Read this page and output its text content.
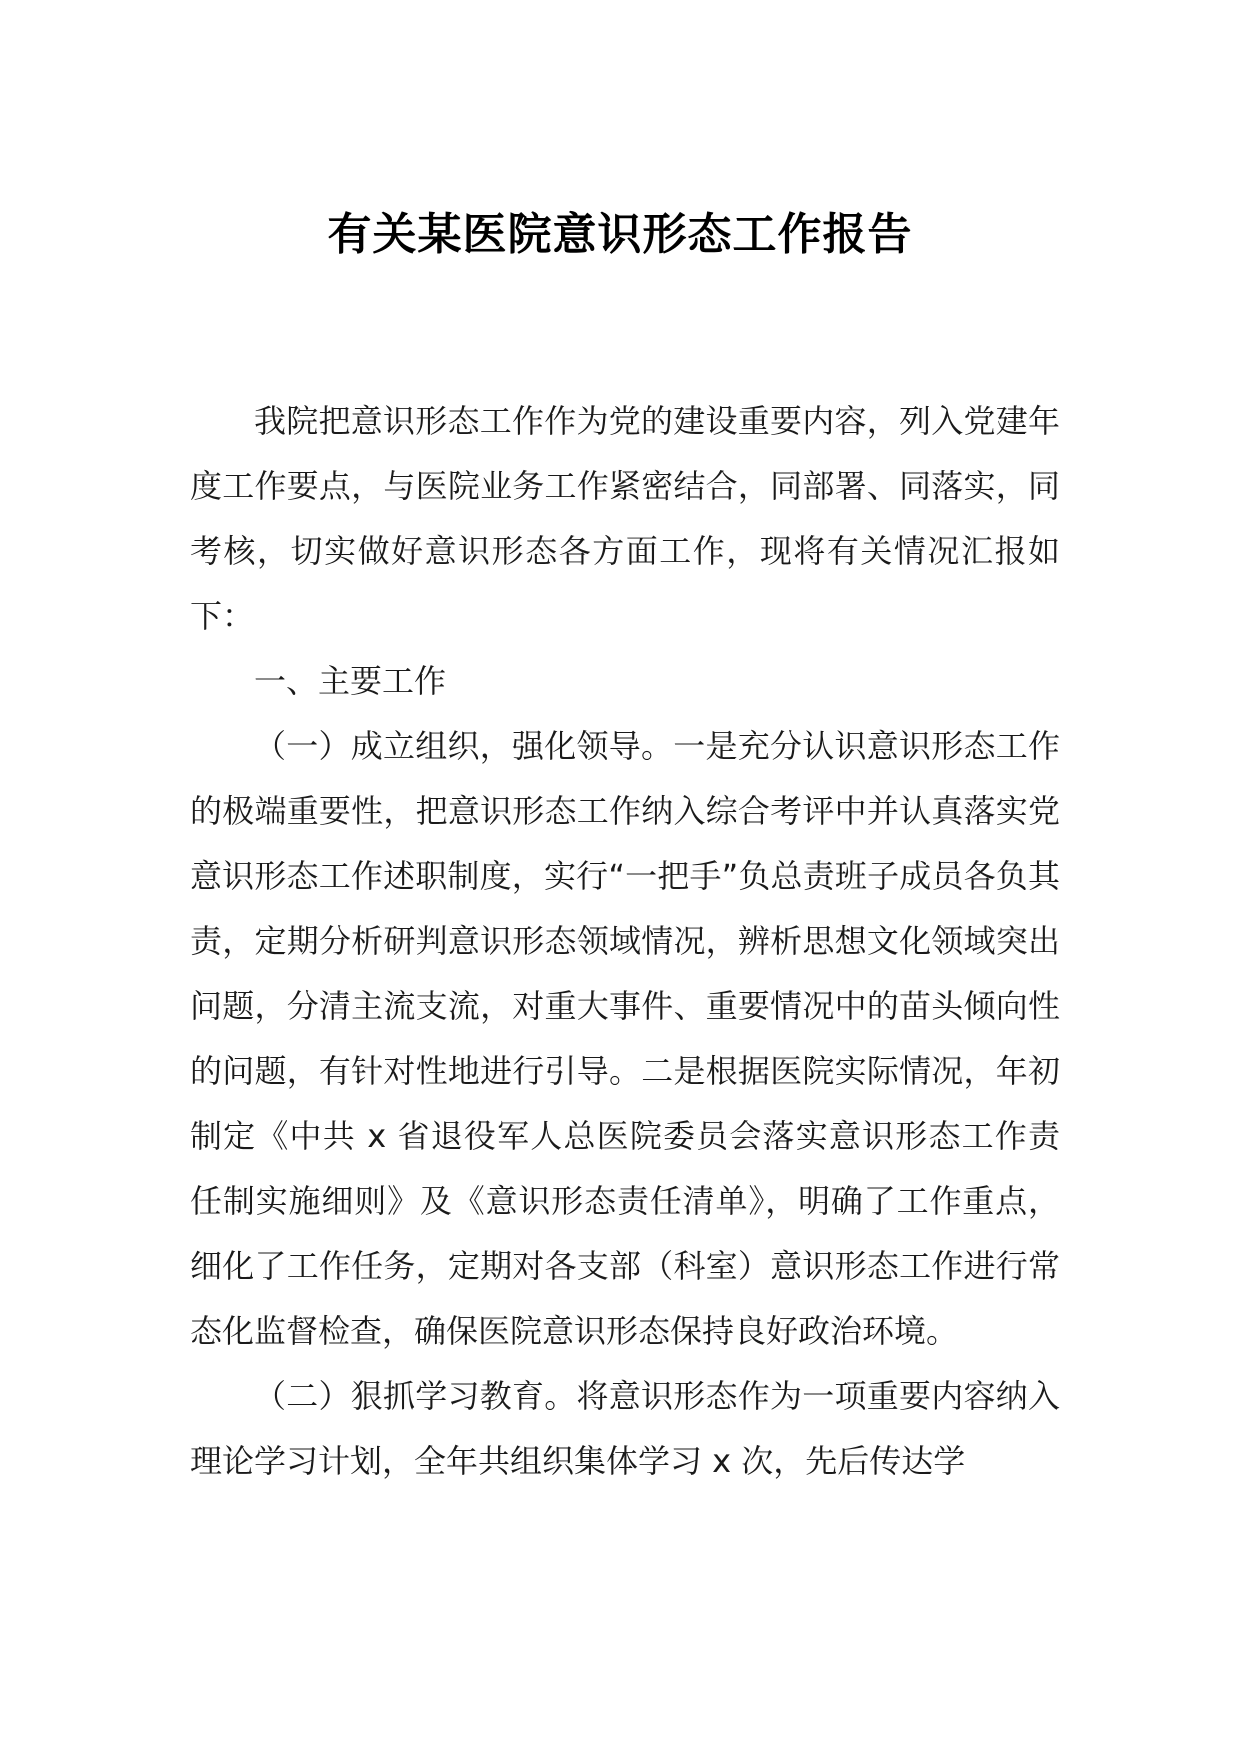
有关某医院意识形态工作报告

我院把意识形态工作作为党的建设重要内容，列入党建年度工作要点，与医院业务工作紧密结合，同部署、同落实，同考核，切实做好意识形态各方面工作，现将有关情况汇报如下：

一、主要工作

（一）成立组织，强化领导。一是充分认识意识形态工作的极端重要性，把意识形态工作纳入综合考评中并认真落实党意识形态工作述职制度，实行“一把手”负总责班子成员各负其责，定期分析研判意识形态领域情况，辨析思想文化领域突出问题，分清主流支流，对重大事件、重要情况中的苗头倾向性的问题，有针对性地进行引导。二是根据医院实际情况，年初制定《中共 x 省退役军人总医院委员会落实意识形态工作责任制实施细则》及《意识形态责任清单》，明确了工作重点，细化了工作任务，定期对各支部（科室）意识形态工作进行常态化监督检查，确保医院意识形态保持良好政治环境。

（二）狠抓学习教育。将意识形态作为一项重要内容纳入理论学习计划，全年共组织集体学习 x 次，先后传达学
